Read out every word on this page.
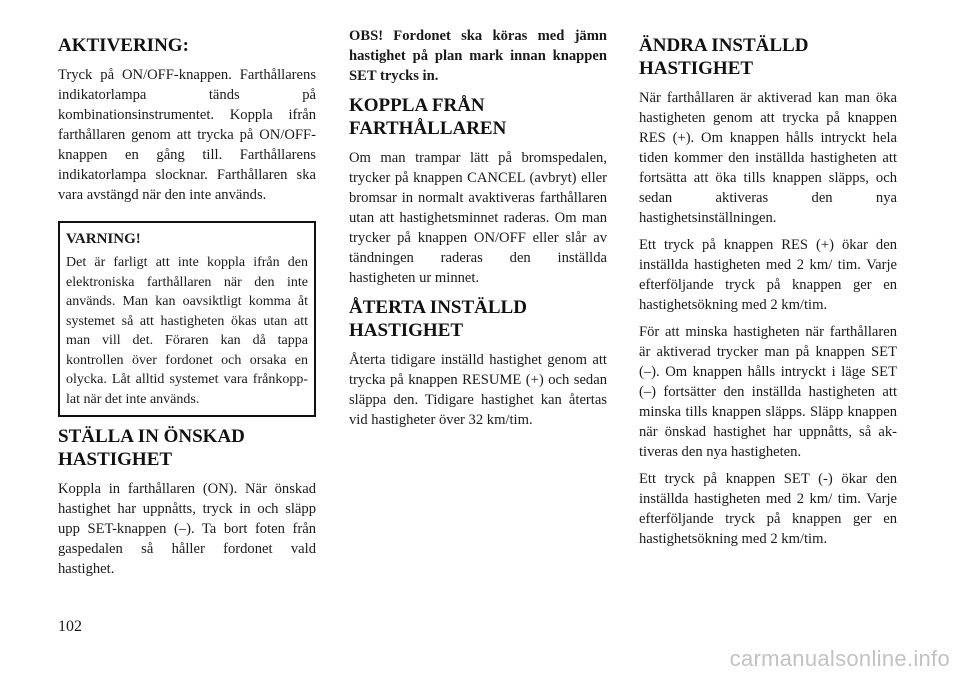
AKTIVERING:

Tryck på ON/OFF-knappen. Farthållarens indikatorlampa tänds på kombinationsinstrumentet. Koppla ifrån farthållaren genom att trycka på ON/OFF-knappen en gång till. Farthållarens indikatorlampa slocknar. Farthållaren ska vara avstängd när den inte används.

VARNING!

Det är farligt att inte koppla ifrån den elektroniska farthållaren när den inte används. Man kan oavsiktligt komma åt systemet så att hastigheten ökas utan att man vill det. Föraren kan då tappa kontrollen över fordonet och orsaka en olycka. Låt alltid systemet vara frånkopplat när det inte används.

STÄLLA IN ÖNSKAD HASTIGHET

Koppla in farthållaren (ON). När önskad hastighet har uppnåtts, tryck in och släpp upp SET-knappen (–). Ta bort foten från gaspedalen så håller fordonet vald hastighet.

OBS! Fordonet ska köras med jämn hastighet på plan mark innan knappen SET trycks in.

KOPPLA FRÅN FARTHÅLLAREN

Om man trampar lätt på bromspedalen, trycker på knappen CANCEL (avbryt) eller bromsar in normalt avaktiveras farthållaren utan att hastighetsminnet raderas. Om man trycker på knappen ON/OFF eller slår av tändningen raderas den inställda hastigheten ur minnet.

ÅTERTA INSTÄLLD HASTIGHET

Återta tidigare inställd hastighet genom att trycka på knappen RESUME (+) och sedan släppa den. Tidigare hastighet kan återtas vid hastigheter över 32 km/tim.

ÄNDRA INSTÄLLD HASTIGHET

När farthållaren är aktiverad kan man öka hastigheten genom att trycka på knappen RES (+). Om knappen hålls intryckt hela tiden kommer den inställda hastigheten att fortsätta att öka tills knappen släpps, och sedan aktiveras den nya hastighetsinställningen.

Ett tryck på knappen RES (+) ökar den inställda hastigheten med 2 km/ tim. Varje efterföljande tryck på knappen ger en hastighetsökning med 2 km/tim.

För att minska hastigheten när farthållaren är aktiverad trycker man på knappen SET (–). Om knappen hålls intryckt i läge SET (–) fortsätter den inställda hastigheten att minska tills knappen släpps. Släpp knappen när önskad hastighet har uppnåtts, så aktiveras den nya hastigheten.

Ett tryck på knappen SET (-) ökar den inställda hastigheten med 2 km/ tim. Varje efterföljande tryck på knappen ger en hastighetsökning med 2 km/tim.

102
carmanualsonline.info
